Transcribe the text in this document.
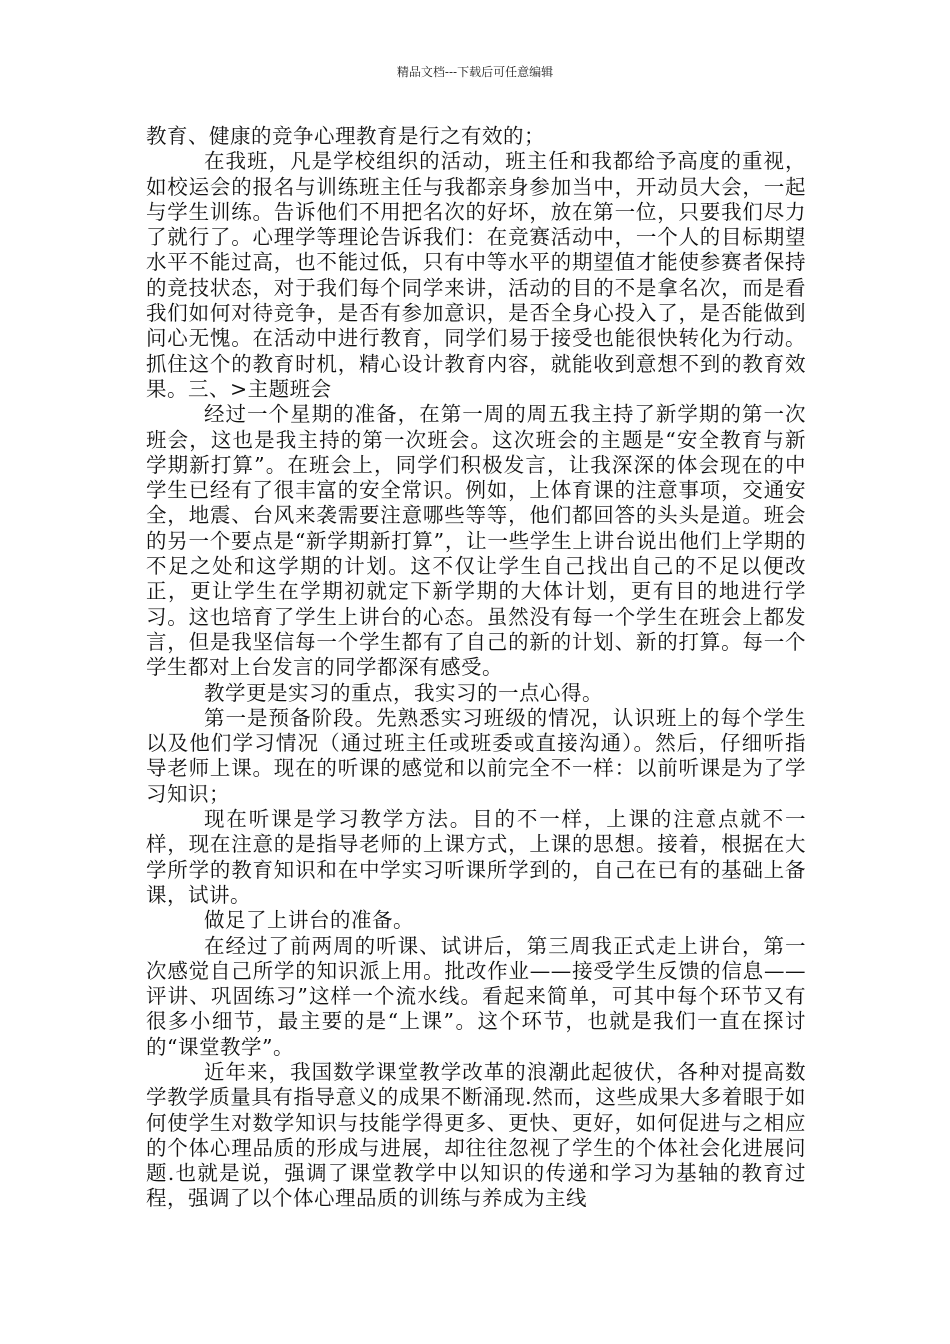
精品文档---下载后可任意编辑

教育、健康的竞争心理教育是行之有效的；

在我班，凡是学校组织的活动，班主任和我都给予高度的重视，如校运会的报名与训练班主任与我都亲身参加当中，开动员大会，一起与学生训练。告诉他们不用把名次的好坏，放在第一位，只要我们尽力了就行了。心理学等理论告诉我们：在竞赛活动中，一个人的目标期望水平不能过高，也不能过低，只有中等水平的期望值才能使参赛者保持的竞技状态，对于我们每个同学来讲，活动的目的不是拿名次，而是看我们如何对待竞争，是否有参加意识，是否全身心投入了，是否能做到问心无愧。在活动中进行教育，同学们易于接受也能很快转化为行动。抓住这个的教育时机，精心设计教育内容，就能收到意想不到的教育效果。三、>主题班会

经过一个星期的准备，在第一周的周五我主持了新学期的第一次班会，这也是我主持的第一次班会。这次班会的主题是“安全教育与新学期新打算”。在班会上，同学们积极发言，让我深深的体会现在的中学生已经有了很丰富的安全常识。例如，上体育课的注意事项，交通安全，地震、台风来袭需要注意哪些等等，他们都回答的头头是道。班会的另一个要点是“新学期新打算”，让一些学生上讲台说出他们上学期的不足之处和这学期的计划。这不仅让学生自己找出自己的不足以便改正，更让学生在学期初就定下新学期的大体计划，更有目的地进行学习。这也培育了学生上讲台的心态。虽然没有每一个学生在班会上都发言，但是我坚信每一个学生都有了自己的新的计划、新的打算。每一个学生都对上台发言的同学都深有感受。

教学更是实习的重点，我实习的一点心得。

第一是预备阶段。先熟悉实习班级的情况，认识班上的每个学生以及他们学习情况（通过班主任或班委或直接沟通）。然后，仔细听指导老师上课。现在的听课的感觉和以前完全不一样：以前听课是为了学习知识；

现在听课是学习教学方法。目的不一样，上课的注意点就不一样，现在注意的是指导老师的上课方式，上课的思想。接着，根据在大学所学的教育知识和在中学实习听课所学到的，自己在已有的基础上备课，试讲。

做足了上讲台的准备。

在经过了前两周的听课、试讲后，第三周我正式走上讲台，第一次感觉自己所学的知识派上用。批改作业——接受学生反馈的信息——评讲、巩固练习”这样一个流水线。看起来简单，可其中每个环节又有很多小细节，最主要的是“上课”。这个环节，也就是我们一直在探讨的“课堂教学”。

近年来，我国数学课堂教学改革的浪潮此起彼伏，各种对提高数学教学质量具有指导意义的成果不断涌现.然而，这些成果大多着眼于如何使学生对数学知识与技能学得更多、更快、更好，如何促进与之相应的个体心理品质的形成与进展，却往往忽视了学生的个体社会化进展问题.也就是说，强调了课堂教学中以知识的传递和学习为基轴的教育过程，强调了以个体心理品质的训练与养成为主线
